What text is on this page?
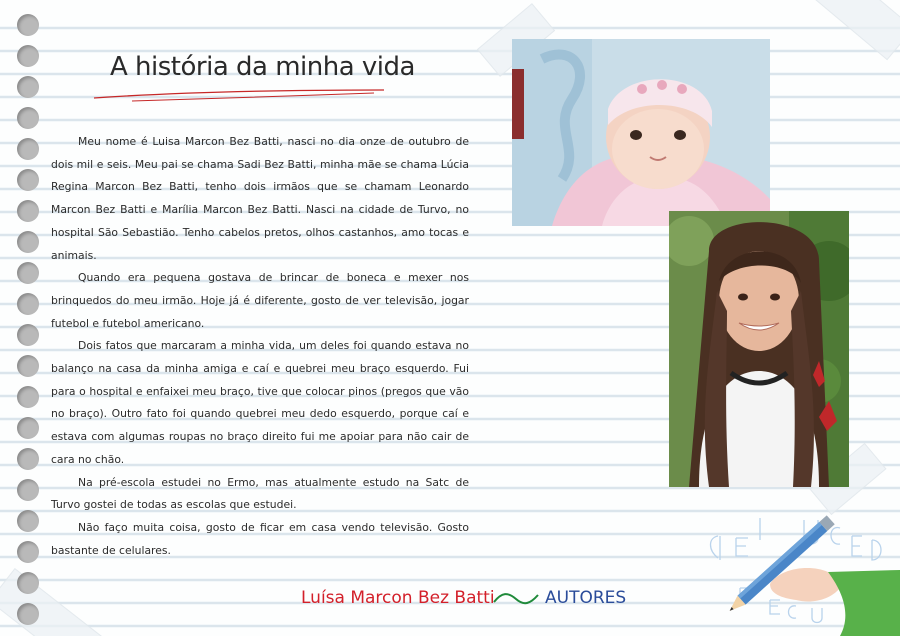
A história da minha vida

Meu nome é Luisa Marcon Bez Batti, nasci no dia onze de outubro de dois mil e seis. Meu pai se chama Sadi Bez Batti, minha mãe se chama Lúcia Regina Marcon Bez Batti, tenho dois irmãos que se chamam Leonardo Marcon Bez Batti e Marília Marcon Bez Batti. Nasci na cidade de Turvo, no hospital São Sebastião. Tenho cabelos pretos, olhos castanhos, amo tocas e animais.

Quando era pequena gostava de brincar de boneca e mexer nos brinquedos do meu irmão. Hoje já é diferente, gosto de ver televisão, jogar futebol e futebol americano.

Dois fatos que marcaram a minha vida, um deles foi quando estava no balanço na casa da minha amiga e caí e quebrei meu braço esquerdo. Fui para o hospital e enfaixei meu braço, tive que colocar pinos (pregos que vão no braço). Outro fato foi quando quebrei meu dedo esquerdo, porque caí e estava com algumas roupas no braço direito fui me apoiar para não cair de cara no chão.

Na pré-escola estudei no Ermo, mas atualmente estudo na Satc de Turvo gostei de todas as escolas que estudei.

Não faço muita coisa, gosto de ficar em casa vendo televisão. Gosto bastante de celulares.

Luísa Marcon Bez Batti	AUTORES
